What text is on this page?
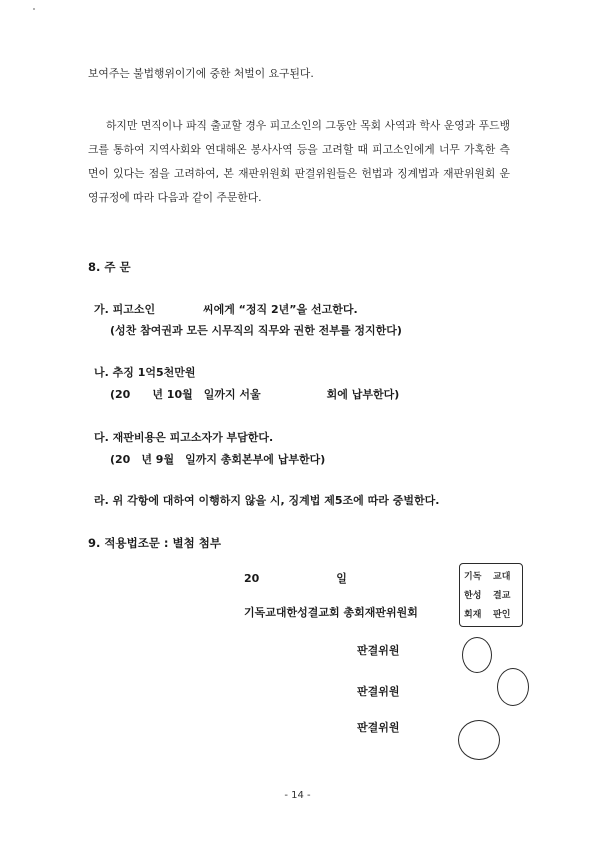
보여주는 불법행위이기에 중한 처벌이 요구된다.

하지만 면직이나 파직 출교할 경우 피고소인의 그동안 목회 사역과 학사 운영과 푸드뱅크를 통하여 지역사회와 연대해온 봉사사역 등을 고려할 때 피고소인에게 너무 가혹한 측면이 있다는 점을 고려하여, 본 재판위원회 판결위원들은 헌법과 징계법과 재판위원회 운영규정에 따라 다음과 같이 주문한다.

8. 주 문

가. 피고소인 　　　　씨에게 “정직 2년”을 선고한다.

(성찬 참여권과 모든 시무직의 직무와 권한 전부를 정지한다)

나. 추징 1억5천만원

(20　　년 10월　일까지 서울　　　　　　회에 납부한다)

다. 재판비용은 피고소자가 부담한다.

(20　년 9월　일까지 총회본부에 납부한다)

라. 위 각항에 대하여 이행하지 않을 시, 징계법 제5조에 따라 중벌한다.

9. 적용법조문 : 별첨 첨부

20　　　　　　　일

기독교대한성결교회 총회재판위원회

판결위원

판결위원

판결위원

기독 교대
한성 결교
회재 판인
- 14 -
